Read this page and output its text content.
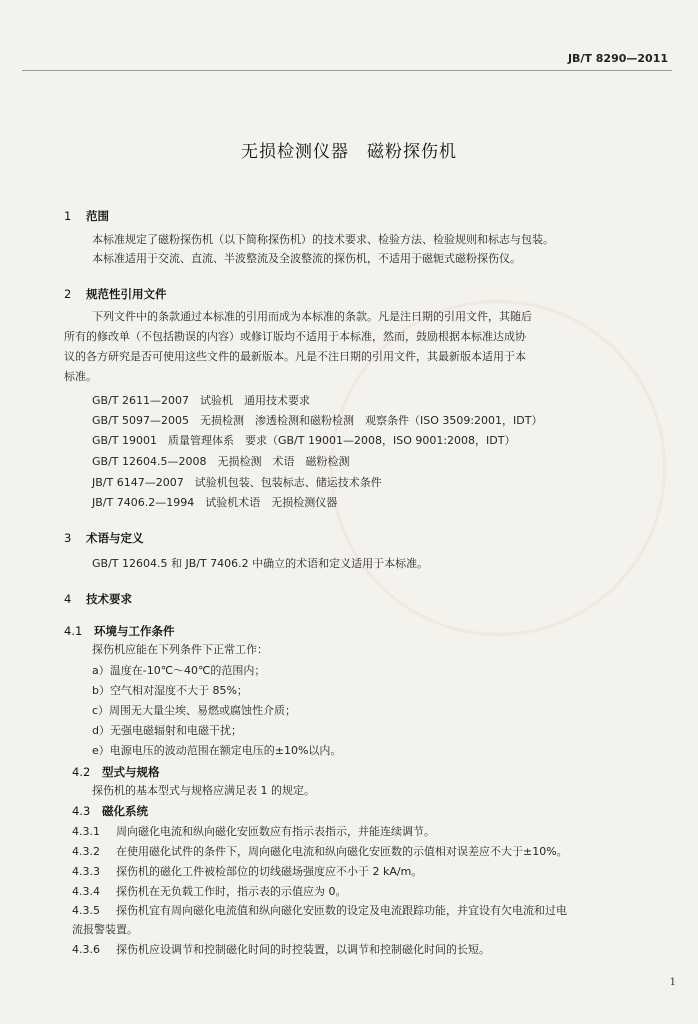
JB/T 8290—2011
无损检测仪器 磁粉探伤机
1 范围
本标准规定了磁粉探伤机（以下简称探伤机）的技术要求、检验方法、检验规则和标志与包装。
本标准适用于交流、直流、半波整流及全波整流的探伤机，不适用于磁轭式磁粉探伤仪。
2 规范性引用文件
下列文件中的条款通过本标准的引用而成为本标准的条款。凡是注日期的引用文件，其随后
所有的修改单（不包括勘误的内容）或修订版均不适用于本标准，然而，鼓励根据本标准达成协
议的各方研究是否可使用这些文件的最新版本。凡是不注日期的引用文件，其最新版本适用于本
标准。
GB/T 2611—2007　试验机　通用技术要求
GB/T 5097—2005　无损检测　渗透检测和磁粉检测　观察条件（ISO 3509:2001，IDT）
GB/T 19001　质量管理体系　要求（GB/T 19001—2008，ISO 9001:2008，IDT）
GB/T 12604.5—2008　无损检测　术语　磁粉检测
JB/T 6147—2007　试验机包装、包装标志、储运技术条件
JB/T 7406.2—1994　试验机术语　无损检测仪器
3 术语与定义
GB/T 12604.5 和 JB/T 7406.2 中确立的术语和定义适用于本标准。
4 技术要求
4.1 环境与工作条件
探伤机应能在下列条件下正常工作：
a）温度在-10℃～40℃的范围内；
b）空气相对湿度不大于 85%；
c）周围无大量尘埃、易燃或腐蚀性介质；
d）无强电磁辐射和电磁干扰；
e）电源电压的波动范围在额定电压的±10%以内。
4.2 型式与规格
探伤机的基本型式与规格应满足表 1 的规定。
4.3 磁化系统
4.3.1 周向磁化电流和纵向磁化安匝数应有指示表指示，并能连续调节。
4.3.2 在使用磁化试件的条件下，周向磁化电流和纵向磁化安匝数的示值相对误差应不大于±10%。
4.3.3 探伤机的磁化工件被检部位的切线磁场强度应不小于 2 kA/m。
4.3.4 探伤机在无负载工作时，指示表的示值应为 0。
4.3.5 探伤机宜有周向磁化电流值和纵向磁化安匝数的设定及电流跟踪功能，并宜设有欠电流和过电
流报警装置。
4.3.6 探伤机应设调节和控制磁化时间的时控装置，以调节和控制磁化时间的长短。
1
